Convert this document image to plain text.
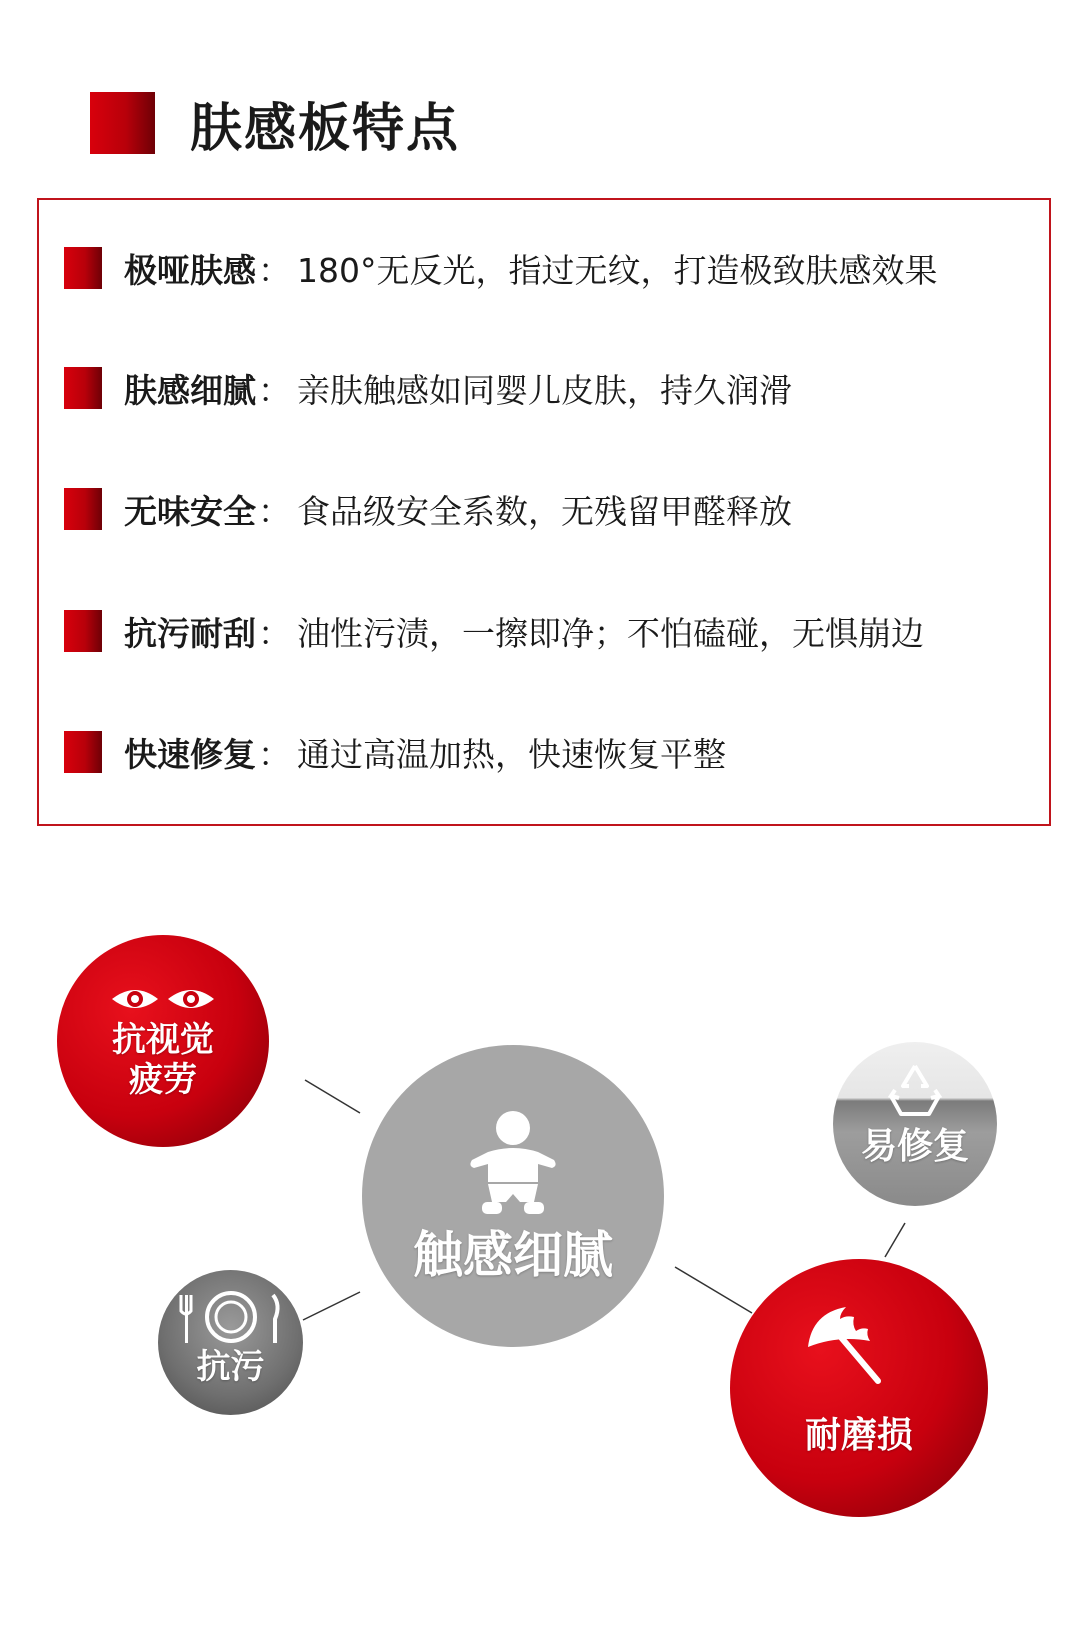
肤感板特点
极哑肤感 ： 180°无反光，指过无纹，打造极致肤感效果
肤感细腻 ： 亲肤触感如同婴儿皮肤，持久润滑
无味安全 ： 食品级安全系数，无残留甲醛释放
抗污耐刮 ： 油性污渍，一擦即净；不怕磕碰，无惧崩边
快速修复 ： 通过高温加热，快速恢复平整
抗视觉
疲劳
触感细腻
易修复
抗污
耐磨损
